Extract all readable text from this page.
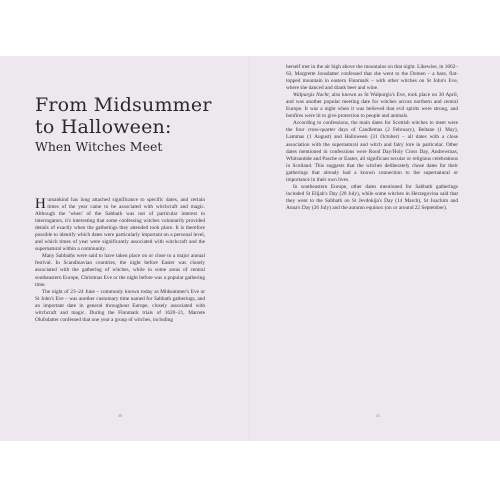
From Midsummer
to Halloween:
When Witches Meet

Humankind has long attached significance to specific dates, and certain times of the year came to be associated with witchcraft and magic. Although the 'when' of the Sabbath was not of particular interest to interrogators, it's interesting that some confessing witches voluntarily provided details of exactly when the gatherings they attended took place. It is therefore possible to identify which dates were particularly important on a personal level, and which times of year were significantly associated with witchcraft and the supernatural within a community.

Many Sabbaths were said to have taken place on or close to a major annual festival. In Scandinavian countries, the night before Easter was closely associated with the gathering of witches, while in some areas of central southeastern Europe, Christmas Eve or the night before was a popular gathering time.

The night of 23–24 June – commonly known today as Midsummer's Eve or St John's Eve – was another customary time named for Sabbath gatherings, and an important date in general throughout Europe, closely associated with witchcraft and magic. During the Finnmark trials of 1620–21, Marrete Olufsdatter confessed that one year a group of witches, including

herself met in the air high above the mountains on that night. Likewise, in 1662–63, Margrette Jonsdatter confessed that she went to the Domen – a bare, flat-topped mountain in eastern Finnmark – with other witches on St John's Eve, where she danced and drank beer and wine.

Walpurgis Nacht, also known as St Walpurgis's Eve, took place on 30 April, and was another popular meeting date for witches across northern and central Europe. It was a night when it was believed that evil spirits were strong, and bonfires were lit to give protection to people and animals.

According to confessions, the main dates for Scottish witches to meet were the four cross-quarter days of Candlemas (2 February), Beltane (1 May), Lammas (1 August) and Halloween (31 October) – all dates with a close association with the supernatural and witch and fairy lore in particular. Other dates mentioned in confessions were Rood Day/Holy Cross Day, Andrewmas, Whitsuntide and Pasche or Easter, all significant secular or religious celebrations in Scotland. This suggests that the witches deliberately chose dates for their gatherings that already had a known connection to the supernatural or importance in their own lives.

In southeastern Europe, other dates mentioned for Sabbath gatherings included St Elijah's Day (20 July), while some witches in Herzegovina said that they went to the Sabbath on St Jevdokija's Day (14 March), St Joachim and Anna's Day (26 July) and the autumn equinox (on or around 22 September).

30	31
